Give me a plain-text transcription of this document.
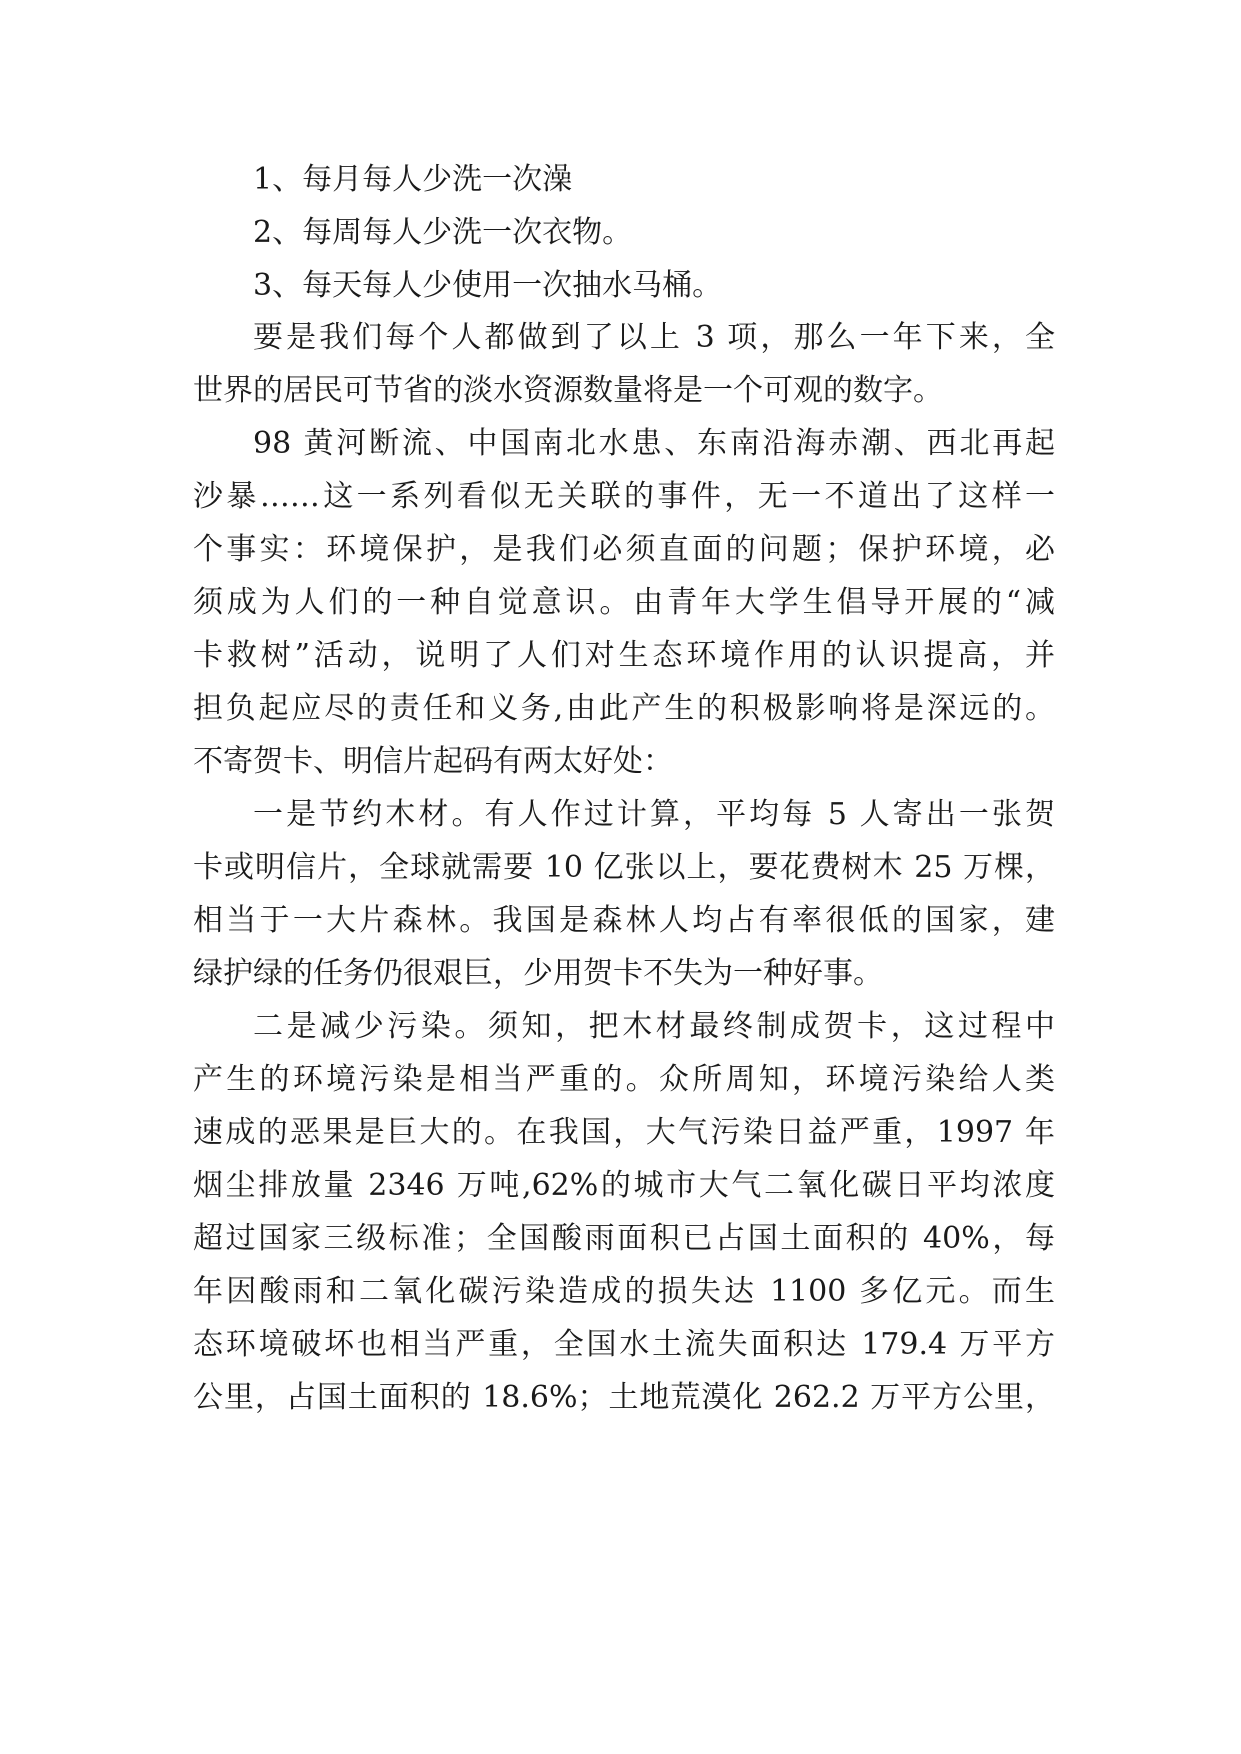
1、每月每人少洗一次澡
2、每周每人少洗一次衣物。
3、每天每人少使用一次抽水马桶。
要是我们每个人都做到了以上 3 项，那么一年下来，全
世界的居民可节省的淡水资源数量将是一个可观的数字。
98 黄河断流、中国南北水患、东南沿海赤潮、西北再起
沙暴……这一系列看似无关联的事件，无一不道出了这样一
个事实：环境保护，是我们必须直面的问题；保护环境，必
须成为人们的一种自觉意识。由青年大学生倡导开展的“减
卡救树”活动，说明了人们对生态环境作用的认识提高，并
担负起应尽的责任和义务,由此产生的积极影响将是深远的。
不寄贺卡、明信片起码有两太好处：
一是节约木材。有人作过计算，平均每 5 人寄出一张贺
卡或明信片，全球就需要 10 亿张以上，要花费树木 25 万棵，
相当于一大片森林。我国是森林人均占有率很低的国家，建
绿护绿的任务仍很艰巨，少用贺卡不失为一种好事。
二是减少污染。须知，把木材最终制成贺卡，这过程中
产生的环境污染是相当严重的。众所周知，环境污染给人类
速成的恶果是巨大的。在我国，大气污染日益严重，1997 年
烟尘排放量 2346 万吨,62%的城市大气二氧化碳日平均浓度
超过国家三级标准；全国酸雨面积已占国土面积的 40%，每
年因酸雨和二氧化碳污染造成的损失达 1100 多亿元。而生
态环境破坏也相当严重，全国水土流失面积达 179.4 万平方
公里，占国土面积的 18.6%；土地荒漠化 262.2 万平方公里，
